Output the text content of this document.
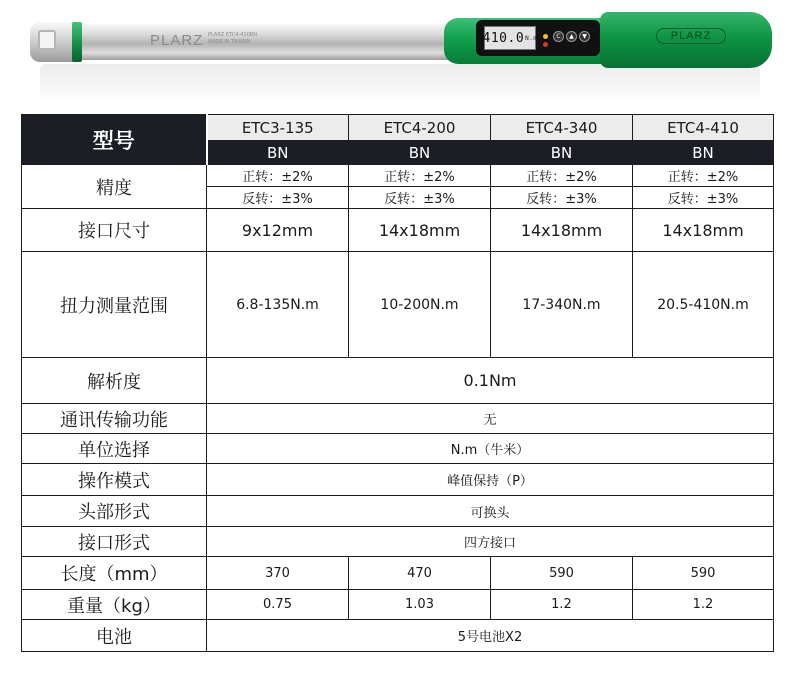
PLARZ PLARZ ETC4-410BN
MADE IN TAIWAN	PLARZ
410.0 N.m	C	▲	▼
型号	ETC3-135	ETC4-200	ETC4-340	ETC4-410
	BN	BN	BN	BN
精度	正转：±2%	正转：±2%	正转：±2%	正转：±2%
	反转：±3%	反转：±3%	反转：±3%	反转：±3%
接口尺寸	9x12mm	14x18mm	14x18mm	14x18mm
扭力测量范围	6.8-135N.m	10-200N.m	17-340N.m	20.5-410N.m
解析度	0.1Nm			
通讯传输功能	无			
单位选择	N.m（牛米）			
操作模式	峰值保持（P）			
头部形式	可换头			
接口形式	四方接口			
长度（mm）	370	470	590	590
重量（kg）	0.75	1.03	1.2	1.2
电池	5号电池X2			
